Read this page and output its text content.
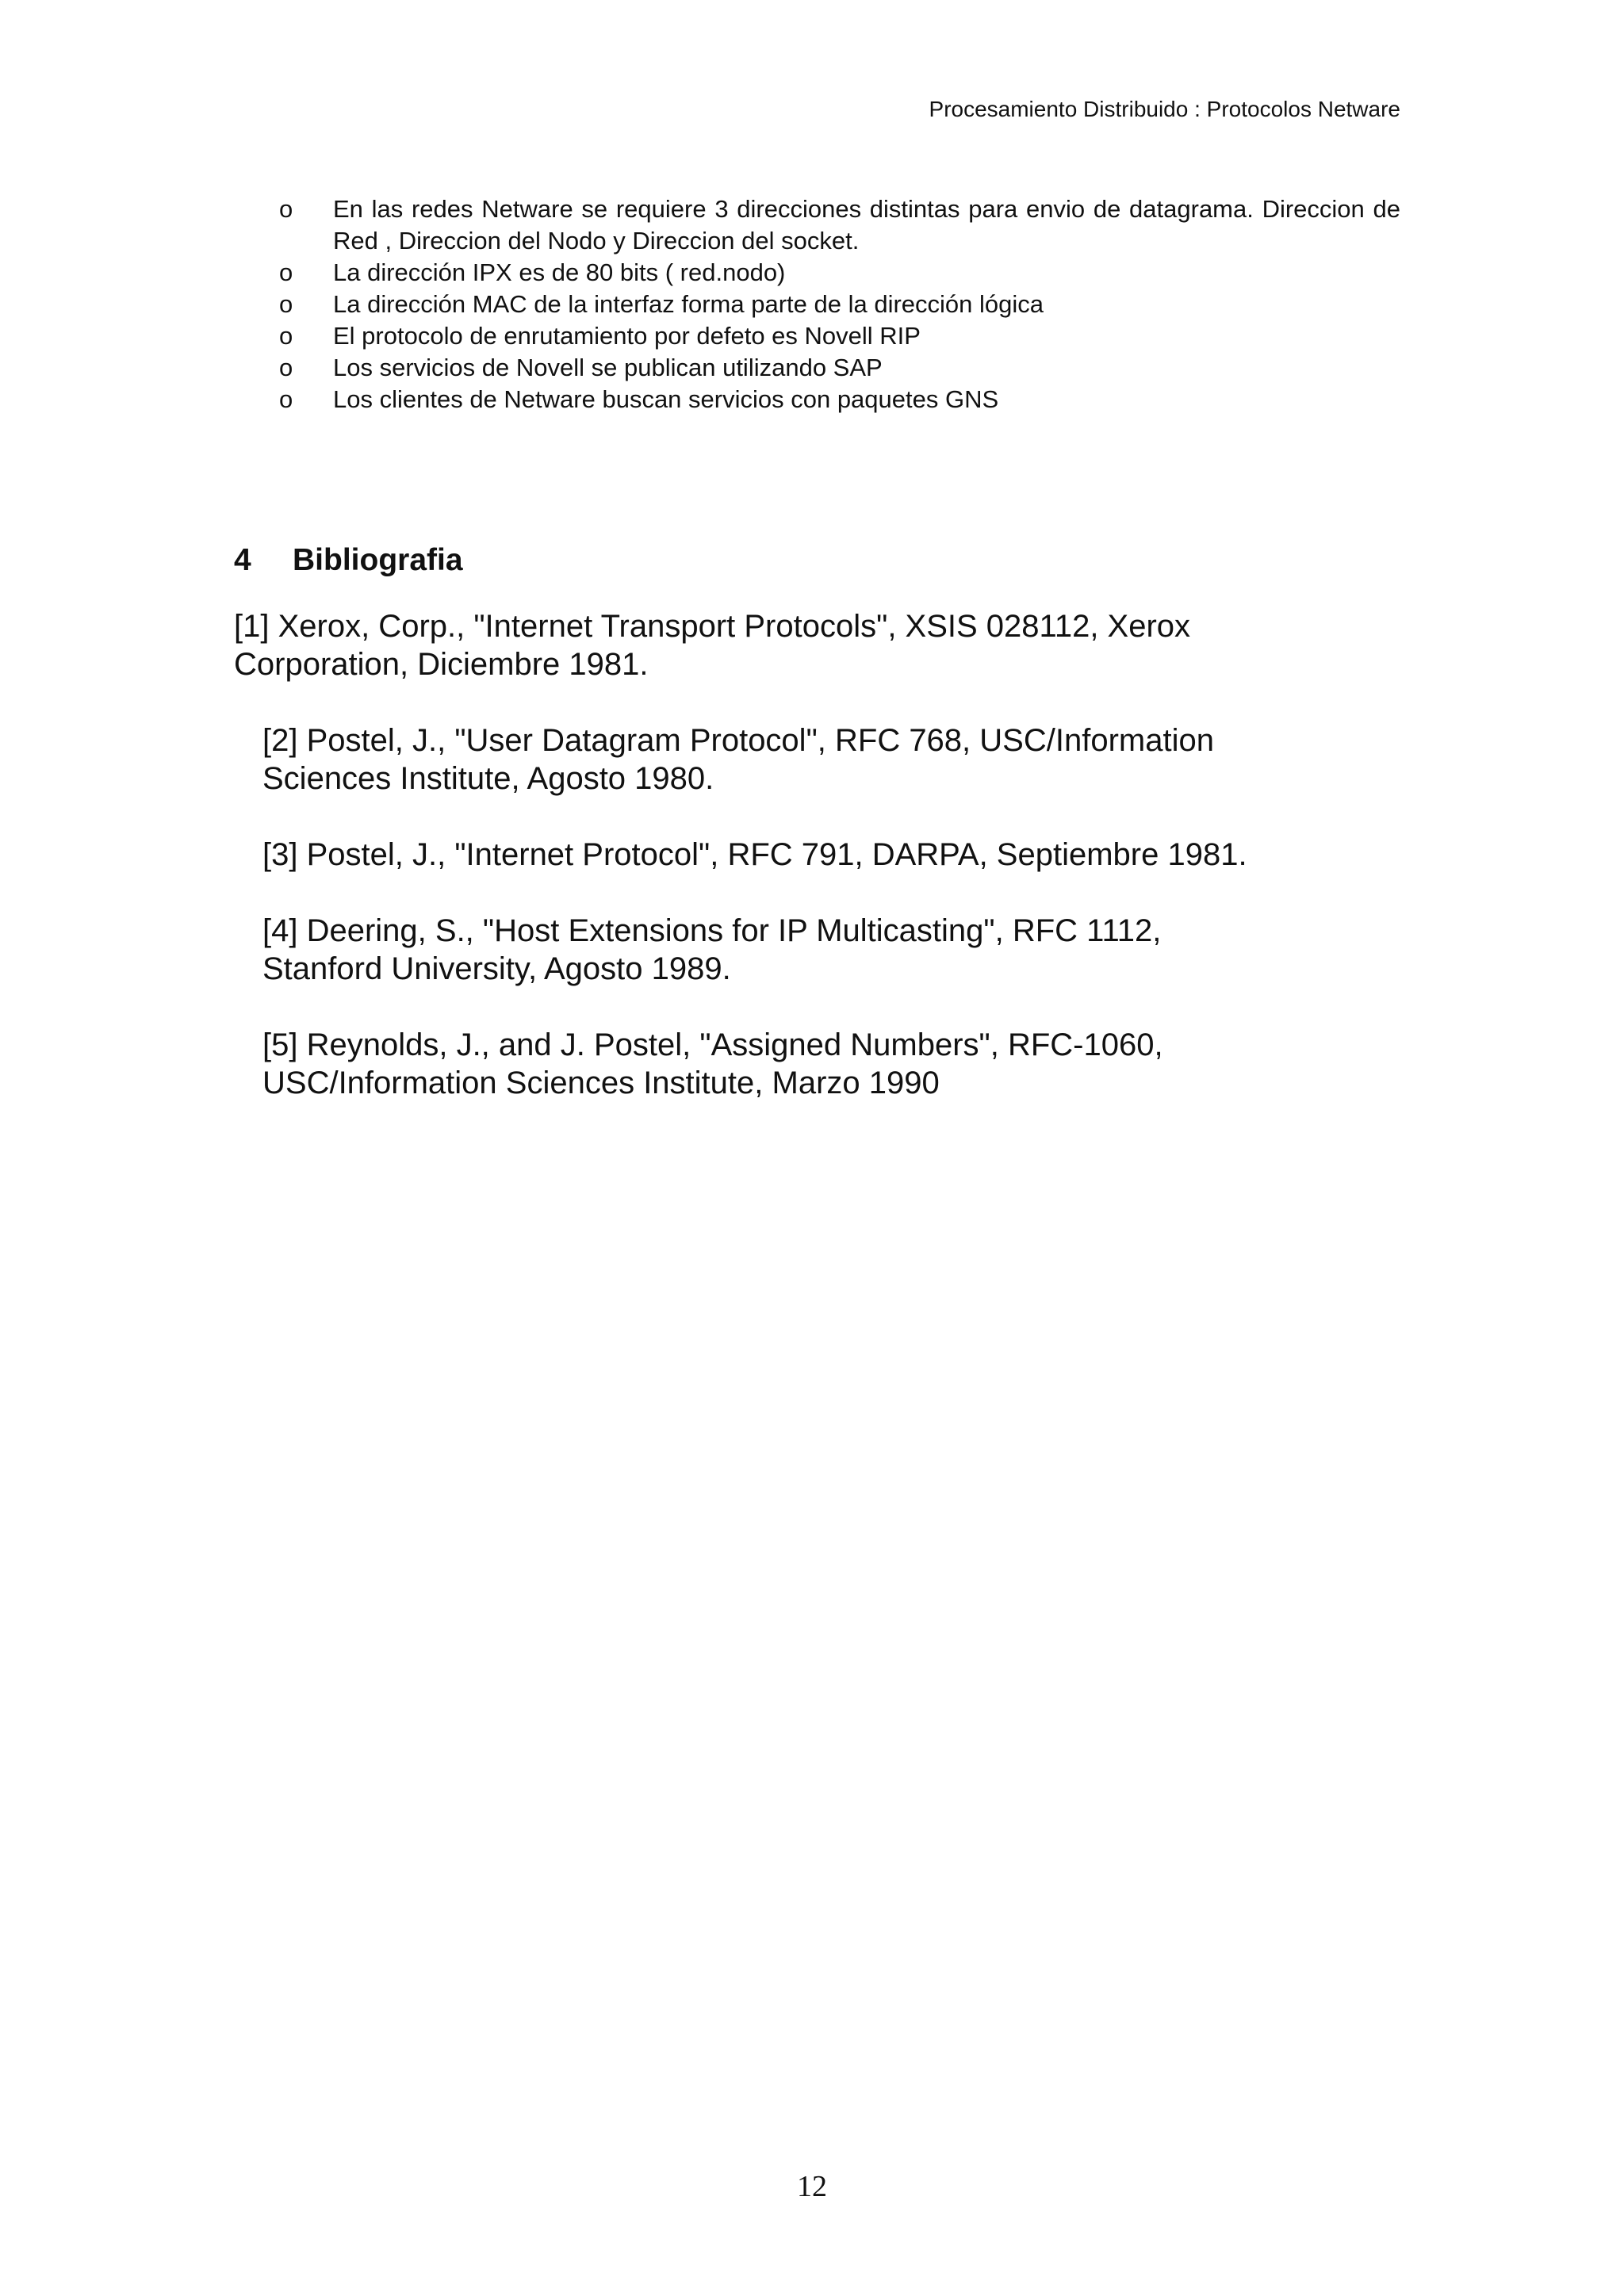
Procesamiento Distribuido : Protocolos Netware
o	En las redes Netware se requiere 3 direcciones distintas para envio de datagrama. Direccion de Red , Direccion del Nodo y Direccion del socket.
o	La dirección IPX es de 80 bits ( red.nodo)
o	La dirección MAC de la interfaz forma parte de la dirección lógica
o	El protocolo de enrutamiento por defeto es Novell RIP
o	Los servicios de Novell se publican utilizando SAP
o	Los clientes de Netware buscan servicios con paquetes GNS
4 Bibliografia

[1] Xerox, Corp., "Internet Transport Protocols", XSIS 028112, Xerox
Corporation, Diciembre 1981.

[2] Postel, J., "User Datagram Protocol", RFC 768, USC/Information
Sciences Institute, Agosto 1980.

[3] Postel, J., "Internet Protocol", RFC 791, DARPA, Septiembre 1981.

[4] Deering, S., "Host Extensions for IP Multicasting", RFC 1112,
Stanford University, Agosto 1989.

[5] Reynolds, J., and J. Postel, "Assigned Numbers", RFC-1060,
USC/Information Sciences Institute, Marzo 1990

12
